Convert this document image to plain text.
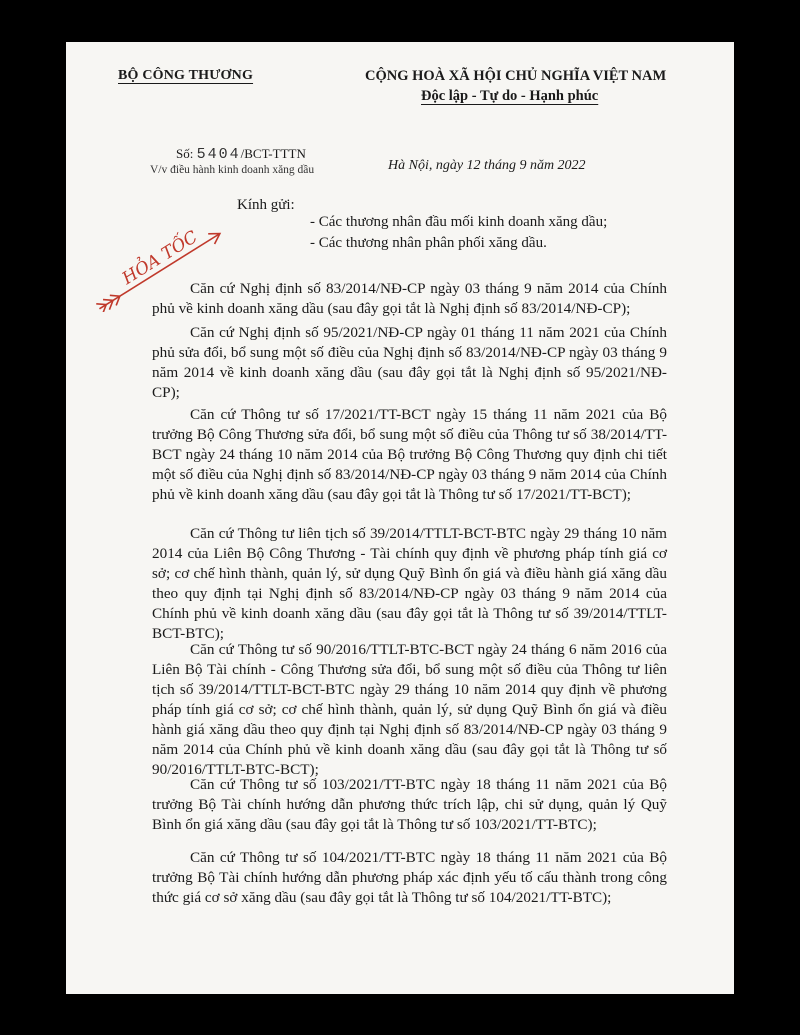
BỘ CÔNG THƯƠNG	CỘNG HOÀ XÃ HỘI CHỦ NGHĨA VIỆT NAM
Độc lập - Tự do - Hạnh phúc
Số: 5404/BCT-TTTN
V/v điều hành kinh doanh xăng dầu	Hà Nội, ngày 12 tháng 9 năm 2022
HỎA TỐC
Kính gửi:
- Các thương nhân đầu mối kinh doanh xăng dầu;
- Các thương nhân phân phối xăng dầu.
Căn cứ Nghị định số 83/2014/NĐ-CP ngày 03 tháng 9 năm 2014 của Chính phủ về kinh doanh xăng dầu (sau đây gọi tắt là Nghị định số 83/2014/NĐ-CP);
Căn cứ Nghị định số 95/2021/NĐ-CP ngày 01 tháng 11 năm 2021 của Chính phủ sửa đổi, bổ sung một số điều của Nghị định số 83/2014/NĐ-CP ngày 03 tháng 9 năm 2014 về kinh doanh xăng dầu (sau đây gọi tắt là Nghị định số 95/2021/NĐ-CP);
Căn cứ Thông tư số 17/2021/TT-BCT ngày 15 tháng 11 năm 2021 của Bộ trưởng Bộ Công Thương sửa đổi, bổ sung một số điều của Thông tư số 38/2014/TT-BCT ngày 24 tháng 10 năm 2014 của Bộ trưởng Bộ Công Thương quy định chi tiết một số điều của Nghị định số 83/2014/NĐ-CP ngày 03 tháng 9 năm 2014 của Chính phủ về kinh doanh xăng dầu (sau đây gọi tắt là Thông tư số 17/2021/TT-BCT);
Căn cứ Thông tư liên tịch số 39/2014/TTLT-BCT-BTC ngày 29 tháng 10 năm 2014 của Liên Bộ Công Thương - Tài chính quy định về phương pháp tính giá cơ sở; cơ chế hình thành, quản lý, sử dụng Quỹ Bình ổn giá và điều hành giá xăng dầu theo quy định tại Nghị định số 83/2014/NĐ-CP ngày 03 tháng 9 năm 2014 của Chính phủ về kinh doanh xăng dầu (sau đây gọi tắt là Thông tư số 39/2014/TTLT-BCT-BTC);
Căn cứ Thông tư số 90/2016/TTLT-BTC-BCT ngày 24 tháng 6 năm 2016 của Liên Bộ Tài chính - Công Thương sửa đổi, bổ sung một số điều của Thông tư liên tịch số 39/2014/TTLT-BCT-BTC ngày 29 tháng 10 năm 2014 quy định về phương pháp tính giá cơ sở; cơ chế hình thành, quản lý, sử dụng Quỹ Bình ổn giá và điều hành giá xăng dầu theo quy định tại Nghị định số 83/2014/NĐ-CP ngày 03 tháng 9 năm 2014 của Chính phủ về kinh doanh xăng dầu (sau đây gọi tắt là Thông tư số 90/2016/TTLT-BTC-BCT);
Căn cứ Thông tư số 103/2021/TT-BTC ngày 18 tháng 11 năm 2021 của Bộ trưởng Bộ Tài chính hướng dẫn phương thức trích lập, chi sử dụng, quản lý Quỹ Bình ổn giá xăng dầu (sau đây gọi tắt là Thông tư số 103/2021/TT-BTC);
Căn cứ Thông tư số 104/2021/TT-BTC ngày 18 tháng 11 năm 2021 của Bộ trưởng Bộ Tài chính hướng dẫn phương pháp xác định yếu tố cấu thành trong công thức giá cơ sở xăng dầu (sau đây gọi tắt là Thông tư số 104/2021/TT-BTC);
